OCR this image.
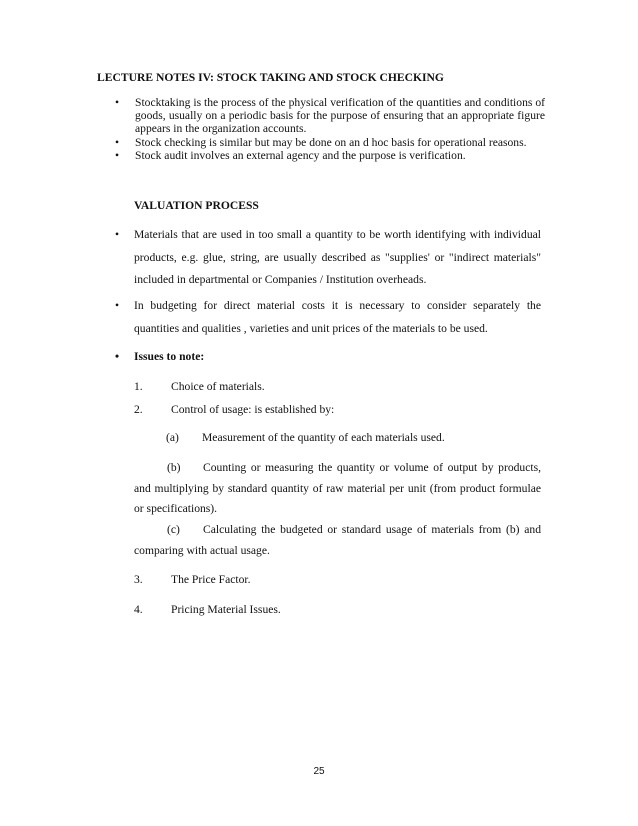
LECTURE NOTES IV: STOCK TAKING AND STOCK CHECKING

• Stocktaking is the process of the physical verification of the quantities and conditions of goods, usually on a periodic basis for the purpose of ensuring that an appropriate figure appears in the organization accounts.
• Stock checking is similar but may be done on an d hoc basis for operational reasons.
• Stock audit involves an external agency and the purpose is verification.

VALUATION PROCESS

• Materials that are used in too small a quantity to be worth identifying with individual products, e.g. glue, string, are usually described as "supplies' or "indirect materials" included in departmental or Companies / Institution overheads.

• In budgeting for direct material costs it is necessary to consider separately the quantities and qualities , varieties and unit prices of the materials to be used.

• Issues to note:

1. Choice of materials.
2. Control of usage: is established by:
(a) Measurement of the quantity of each materials used.

(b) Counting or measuring the quantity or volume of output by products, and multiplying by standard quantity of raw material per unit (from product formulae or specifications).

(c) Calculating the budgeted or standard usage of materials from (b) and comparing with actual usage.

3. The Price Factor.
4. Pricing Material Issues.

25
